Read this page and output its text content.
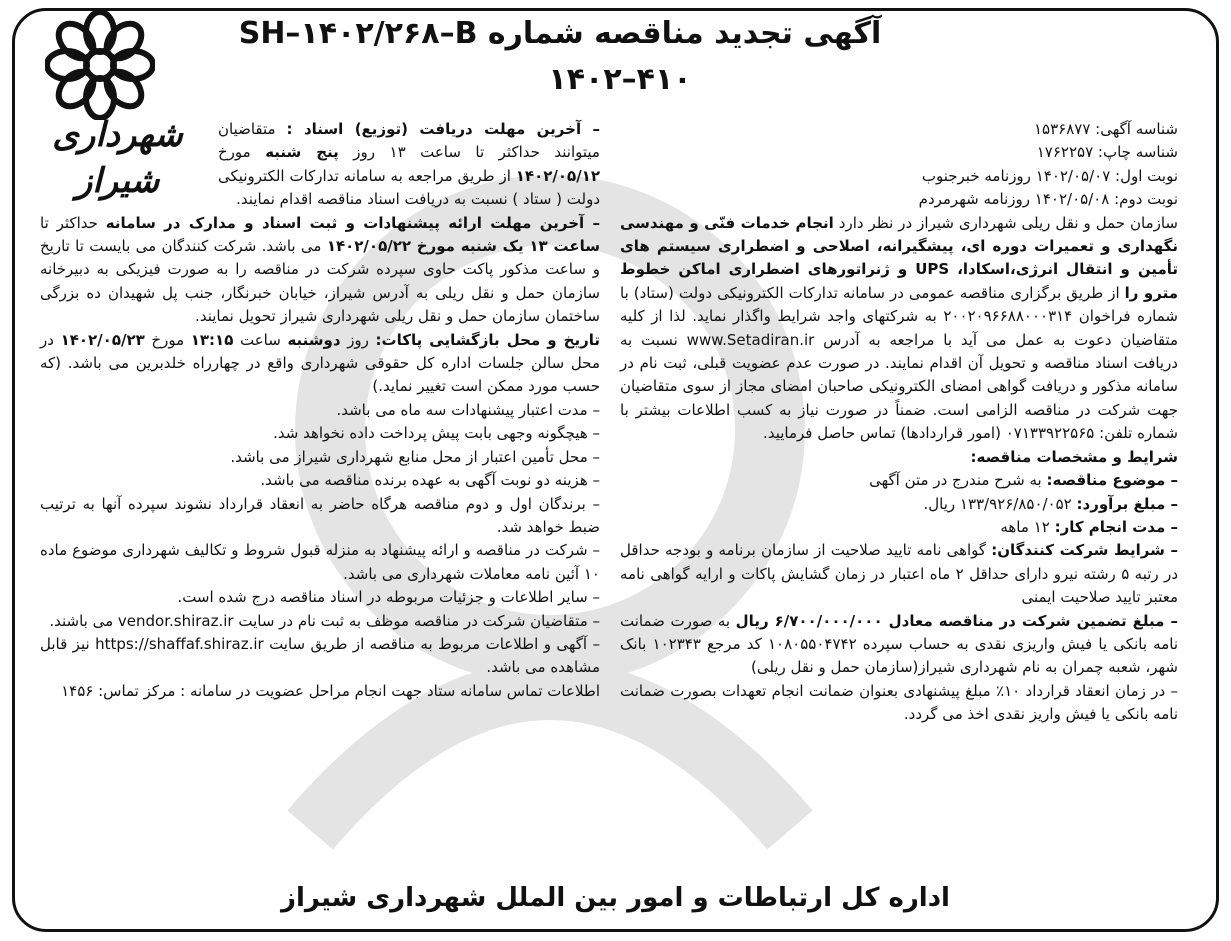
آگهی تجدید مناقصه شماره SH–۱۴۰۲/۲۶۸–B
۱۴۰۲–۴۱۰
شهرداری شیراز

شناسه آگهی: ۱۵۳۶۸۷۷

شناسه چاپ: ۱۷۶۲۲۵۷

نوبت اول: ۱۴۰۲/۰۵/۰۷ روزنامه خبرجنوب

نوبت دوم: ۱۴۰۲/۰۵/۰۸ روزنامه شهرمردم

سازمان حمل و نقل ریلی شهرداری شیراز در نظر دارد انجام خدمات فنّی و مهندسی نگهداری و تعمیرات دوره ای، پیشگیرانه، اصلاحی و اضطراری سیستم های تأمین و انتقال انرژی،اسکادا، UPS و ژنراتورهای اضطراری اماکن خطوط مترو را از طریق برگزاری مناقصه عمومی در سامانه تدارکات الکترونیکی دولت (ستاد) با شماره فراخوان ۲۰۰۲۰۹۶۶۸۸۰۰۰۳۱۴ به شرکتهای واجد شرایط واگذار نماید. لذا از کلیه متقاضیان دعوت به عمل می آید با مراجعه به آدرس www.Setadiran.ir نسبت به دریافت اسناد مناقصه و تحویل آن اقدام نمایند. در صورت عدم عضویت قبلی، ثبت نام در سامانه مذکور و دریافت گواهی امضای الکترونیکی صاحبان امضای مجاز از سوی متقاضیان جهت شرکت در مناقصه الزامی است. ضمناً در صورت نیاز به کسب اطلاعات بیشتر با شماره تلفن: ۰۷۱۳۳۹۲۲۵۶۵ (امور قراردادها) تماس حاصل فرمایید.

شرایط و مشخصات مناقصه:

– موضوع مناقصه: به شرح مندرج در متن آگهی

– مبلغ برآورد: ۱۳۳/۹۲۶/۸۵۰/۰۵۲ ریال.

– مدت انجام کار: ۱۲ ماهه

– شرایط شرکت کنندگان: گواهی نامه تایید صلاحیت از سازمان برنامه و بودجه حداقل در رتبه ۵ رشته نیرو دارای حداقل ۲ ماه اعتبار در زمان گشایش پاکات و ارایه گواهی نامه معتبر تایید صلاحیت ایمنی

– مبلغ تضمین شرکت در مناقصه معادل ۶/۷۰۰/۰۰۰/۰۰۰ ریال به صورت ضمانت نامه بانکی یا فیش واریزی نقدی به حساب سپرده ۱۰۸۰۵۵۰۴۷۴۲ کد مرجع ۱۰۲۳۴۳ بانک شهر، شعبه چمران به نام شهرداری شیراز(سازمان حمل و نقل ریلی)

– در زمان انعقاد قرارداد ۱۰٪ مبلغ پیشنهادی بعنوان ضمانت انجام تعهدات بصورت ضمانت نامه بانکی یا فیش واریز نقدی اخذ می گردد.

– آخرین مهلت دریافت (توزیع) اسناد : متقاضیان میتوانند حداکثر تا ساعت ۱۳ روز پنج شنبه مورخ ۱۴۰۲/۰۵/۱۲ از طریق مراجعه به سامانه تدارکات الکترونیکی دولت ( ستاد ) نسبت به دریافت اسناد مناقصه اقدام نمایند.

– آخرین مهلت ارائه پیشنهادات و ثبت اسناد و مدارک در سامانه حداکثر تا ساعت ۱۳ یک شنبه مورخ ۱۴۰۲/۰۵/۲۲ می باشد. شرکت کنندگان می بایست تا تاریخ و ساعت مذکور پاکت حاوی سپرده شرکت در مناقصه را به صورت فیزیکی به دبیرخانه سازمان حمل و نقل ریلی به آدرس شیراز، خیابان خبرنگار، جنب پل شهیدان ده بزرگی ساختمان سازمان حمل و نقل ریلی شهرداری شیراز تحویل نمایند.

تاریخ و محل بازگشایی پاکات: روز دوشنبه ساعت ۱۳:۱۵ مورخ ۱۴۰۲/۰۵/۲۳ در محل سالن جلسات اداره کل حقوقی شهرداری واقع در چهارراه خلدبرین می باشد. (که حسب مورد ممکن است تغییر نماید.)

– مدت اعتبار پیشنهادات سه ماه می باشد.

– هیچگونه وجهی بابت پیش پرداخت داده نخواهد شد.

– محل تأمین اعتبار از محل منابع شهرداری شیراز می باشد.

– هزینه دو نوبت آگهی به عهده برنده مناقصه می باشد.

– برندگان اول و دوم مناقصه هرگاه حاضر به انعقاد قرارداد نشوند سپرده آنها به ترتیب ضبط خواهد شد.

– شرکت در مناقصه و ارائه پیشنهاد به منزله قبول شروط و تکالیف شهرداری موضوع ماده ۱۰ آئین نامه معاملات شهرداری می باشد.

– سایر اطلاعات و جزئیات مربوطه در اسناد مناقصه درج شده است.

– متقاضیان شرکت در مناقصه موظف به ثبت نام در سایت vendor.shiraz.ir می باشند.

– آگهی و اطلاعات مربوط به مناقصه از طریق سایت https://shaffaf.shiraz.ir نیز قابل مشاهده می باشد.

اطلاعات تماس سامانه ستاد جهت انجام مراحل عضویت در سامانه : مرکز تماس: ۱۴۵۶

اداره کل ارتباطات و امور بین الملل شهرداری شیراز
